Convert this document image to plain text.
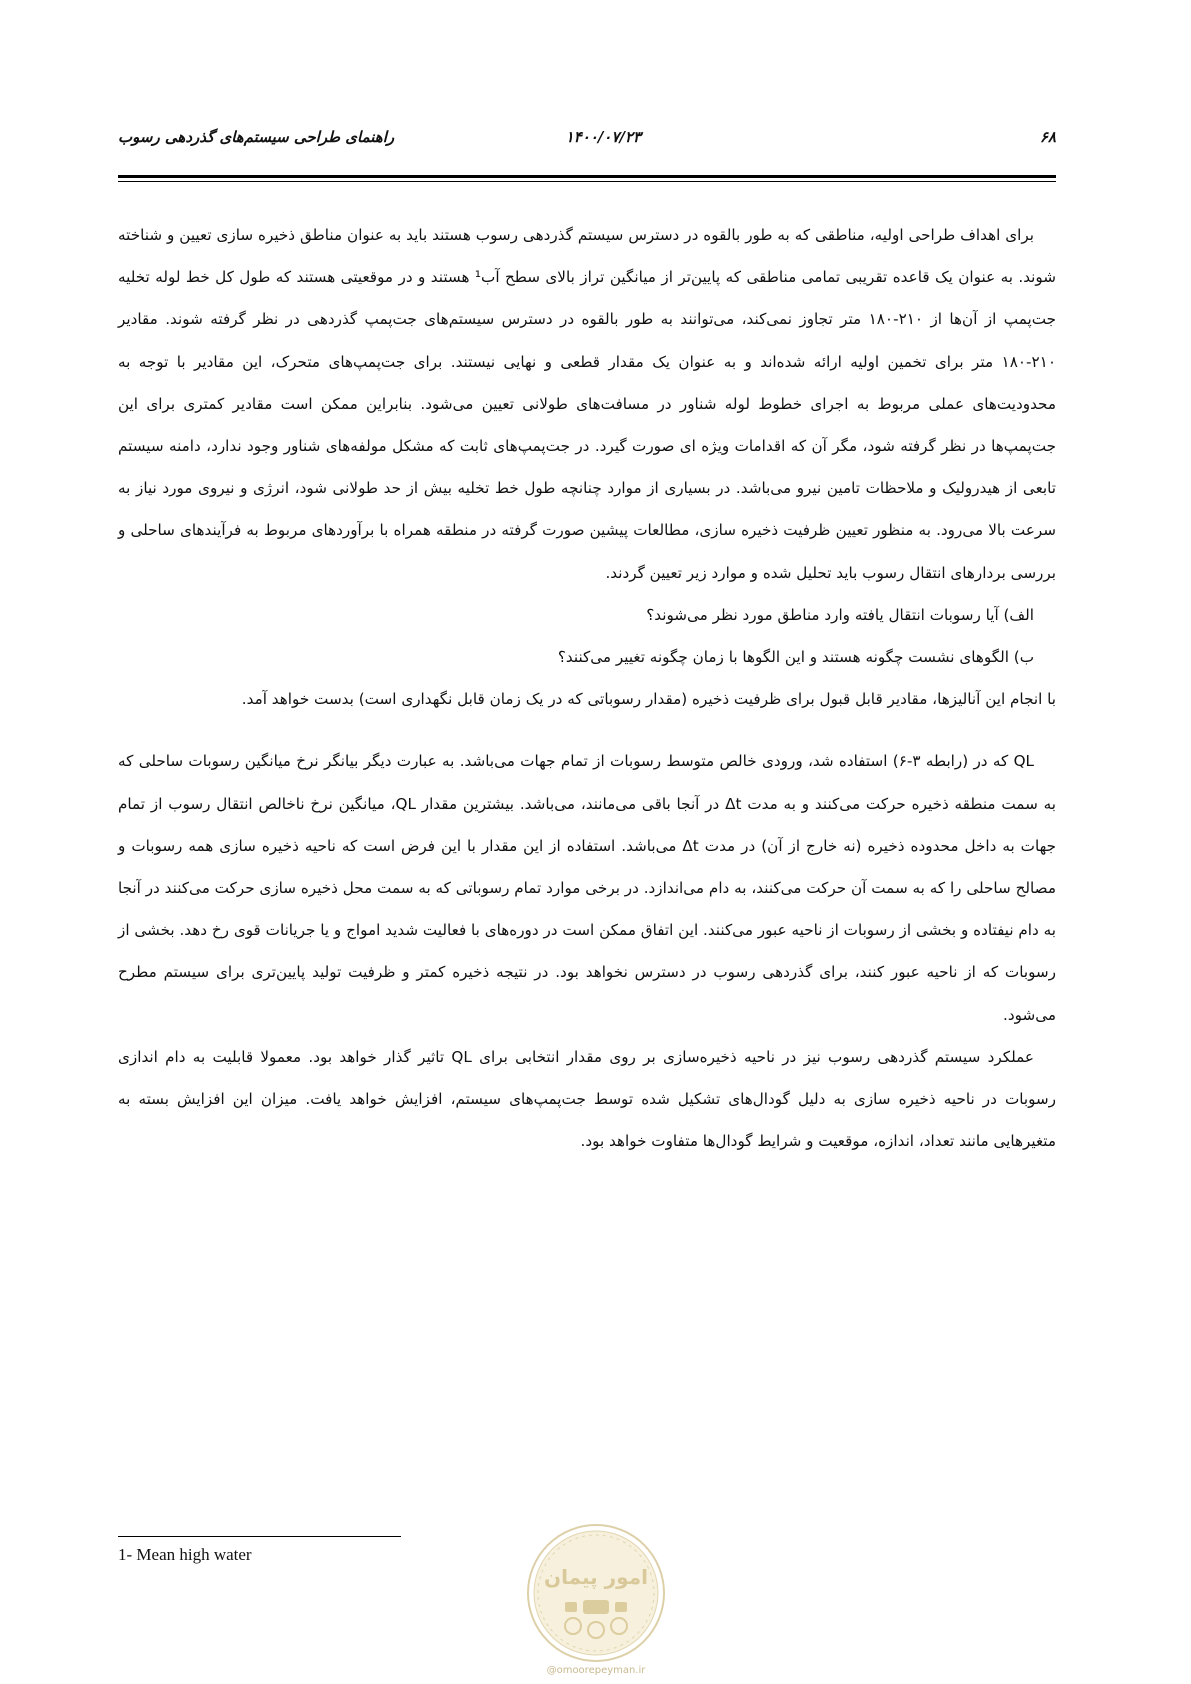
۶۸
۱۴۰۰/۰۷/۲۳
راهنمای طراحی سیستم‌های گذردهی رسوب

برای اهداف طراحی اولیه، مناطقی که به طور بالقوه در دسترس سیستم گذردهی رسوب هستند باید به عنوان مناطق ذخیره سازی تعیین و شناخته شوند. به عنوان یک قاعده تقریبی تمامی مناطقی که پایین‌تر از میانگین تراز بالای سطح آب¹ هستند و در موقعیتی هستند که طول کل خط لوله تخلیه جت‌پمپ از آن‌ها از ۲۱۰-۱۸۰ متر تجاوز نمی‌کند، می‌توانند به طور بالقوه در دسترس سیستم‌های جت‌پمپ گذردهی در نظر گرفته شوند. مقادیر ۲۱۰-۱۸۰ متر برای تخمین اولیه ارائه شده‌اند و به عنوان یک مقدار قطعی و نهایی نیستند. برای جت‌پمپ‌های متحرک، این مقادیر با توجه به محدودیت‌های عملی مربوط به اجرای خطوط لوله شناور در مسافت‌های طولانی تعیین می‌شود. بنابراین ممکن است مقادیر کمتری برای این جت‌پمپ‌ها در نظر گرفته شود، مگر آن که اقدامات ویژه ای صورت گیرد. در جت‌پمپ‌های ثابت که مشکل مولفه‌های شناور وجود ندارد، دامنه سیستم تابعی از هیدرولیک و ملاحظات تامین نیرو می‌باشد. در بسیاری از موارد چنانچه طول خط تخلیه بیش از حد طولانی شود، انرژی و نیروی مورد نیاز به سرعت بالا می‌رود. به منظور تعیین ظرفیت ذخیره سازی، مطالعات پیشین صورت گرفته در منطقه همراه با برآوردهای مربوط به فرآیندهای ساحلی و بررسی بردارهای انتقال رسوب باید تحلیل شده و موارد زیر تعیین گردند.

الف) آیا رسوبات انتقال یافته وارد مناطق مورد نظر می‌شوند؟

ب) الگوهای نشست چگونه هستند و این الگوها با زمان چگونه تغییر می‌کنند؟

با انجام این آنالیزها، مقادیر قابل قبول برای ظرفیت ذخیره (مقدار رسوباتی که در یک زمان قابل نگهداری است) بدست خواهد آمد.

QL که در (رابطه ۳-۶) استفاده شد، ورودی خالص متوسط رسوبات از تمام جهات می‌باشد. به عبارت دیگر بیانگر نرخ میانگین رسوبات ساحلی که به سمت منطقه ذخیره حرکت می‌کنند و به مدت Δt در آنجا باقی می‌مانند، می‌باشد. بیشترین مقدار QL، میانگین نرخ ناخالص انتقال رسوب از تمام جهات به داخل محدوده ذخیره (نه خارج از آن) در مدت Δt می‌باشد. استفاده از این مقدار با این فرض است که ناحیه ذخیره سازی همه رسوبات و مصالح ساحلی را که به سمت آن حرکت می‌کنند، به دام می‌اندازد. در برخی موارد تمام رسوباتی که به سمت محل ذخیره سازی حرکت می‌کنند در آنجا به دام نیفتاده و بخشی از رسوبات از ناحیه عبور می‌کنند. این اتفاق ممکن است در دوره‌های با فعالیت شدید امواج و یا جریانات قوی رخ دهد. بخشی از رسوبات که از ناحیه عبور کنند، برای گذردهی رسوب در دسترس نخواهد بود. در نتیجه ذخیره کمتر و ظرفیت تولید پایین‌تری برای سیستم مطرح می‌شود.

عملکرد سیستم گذردهی رسوب نیز در ناحیه ذخیره‌سازی بر روی مقدار انتخابی برای QL تاثیر گذار خواهد بود. معمولا قابلیت به دام اندازی رسوبات در ناحیه ذخیره سازی به دلیل گودال‌های تشکیل شده توسط جت‌پمپ‌های سیستم، افزایش خواهد یافت. میزان این افزایش بسته به متغیرهایی مانند تعداد، اندازه، موقعیت و شرایط گودال‌ها متفاوت خواهد بود.

1- Mean high water
امور پیمان
@omoorepeyman.ir
